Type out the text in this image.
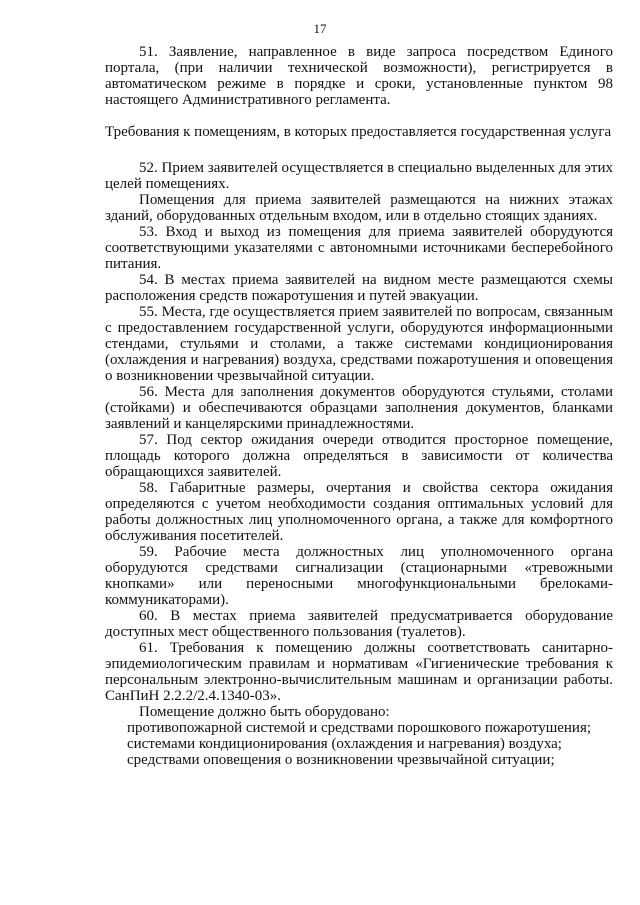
17

51. Заявление, направленное в виде запроса посредством Единого портала, (при наличии технической возможности), регистрируется в автоматическом режиме в порядке и сроки, установленные пунктом 98 настоящего Административного регламента.

Требования к помещениям, в которых предоставляется государственная услуга

52. Прием заявителей осуществляется в специально выделенных для этих целей помещениях.

Помещения для приема заявителей размещаются на нижних этажах зданий, оборудованных отдельным входом, или в отдельно стоящих зданиях.

53. Вход и выход из помещения для приема заявителей оборудуются соответствующими указателями с автономными источниками бесперебойного питания.

54. В местах приема заявителей на видном месте размещаются схемы расположения средств пожаротушения и путей эвакуации.

55. Места, где осуществляется прием заявителей по вопросам, связанным с предоставлением государственной услуги, оборудуются информационными стендами, стульями и столами, а также системами кондиционирования (охлаждения и нагревания) воздуха, средствами пожаротушения и оповещения о возникновении чрезвычайной ситуации.

56. Места для заполнения документов оборудуются стульями, столами (стойками) и обеспечиваются образцами заполнения документов, бланками заявлений и канцелярскими принадлежностями.

57. Под сектор ожидания очереди отводится просторное помещение, площадь которого должна определяться в зависимости от количества обращающихся заявителей.

58. Габаритные размеры, очертания и свойства сектора ожидания определяются с учетом необходимости создания оптимальных условий для работы должностных лиц уполномоченного органа, а также для комфортного обслуживания посетителей.

59. Рабочие места должностных лиц уполномоченного органа оборудуются средствами сигнализации (стационарными «тревожными кнопками» или переносными многофункциональными брелоками-коммуникаторами).

60. В местах приема заявителей предусматривается оборудование доступных мест общественного пользования (туалетов).

61. Требования к помещению должны соответствовать санитарно-эпидемиологическим правилам и нормативам «Гигиенические требования к персональным электронно-вычислительным машинам и организации работы. СанПиН 2.2.2/2.4.1340-03».

Помещение должно быть оборудовано:

противопожарной системой и средствами порошкового пожаротушения;

системами кондиционирования (охлаждения и нагревания) воздуха;

средствами оповещения о возникновении чрезвычайной ситуации;
